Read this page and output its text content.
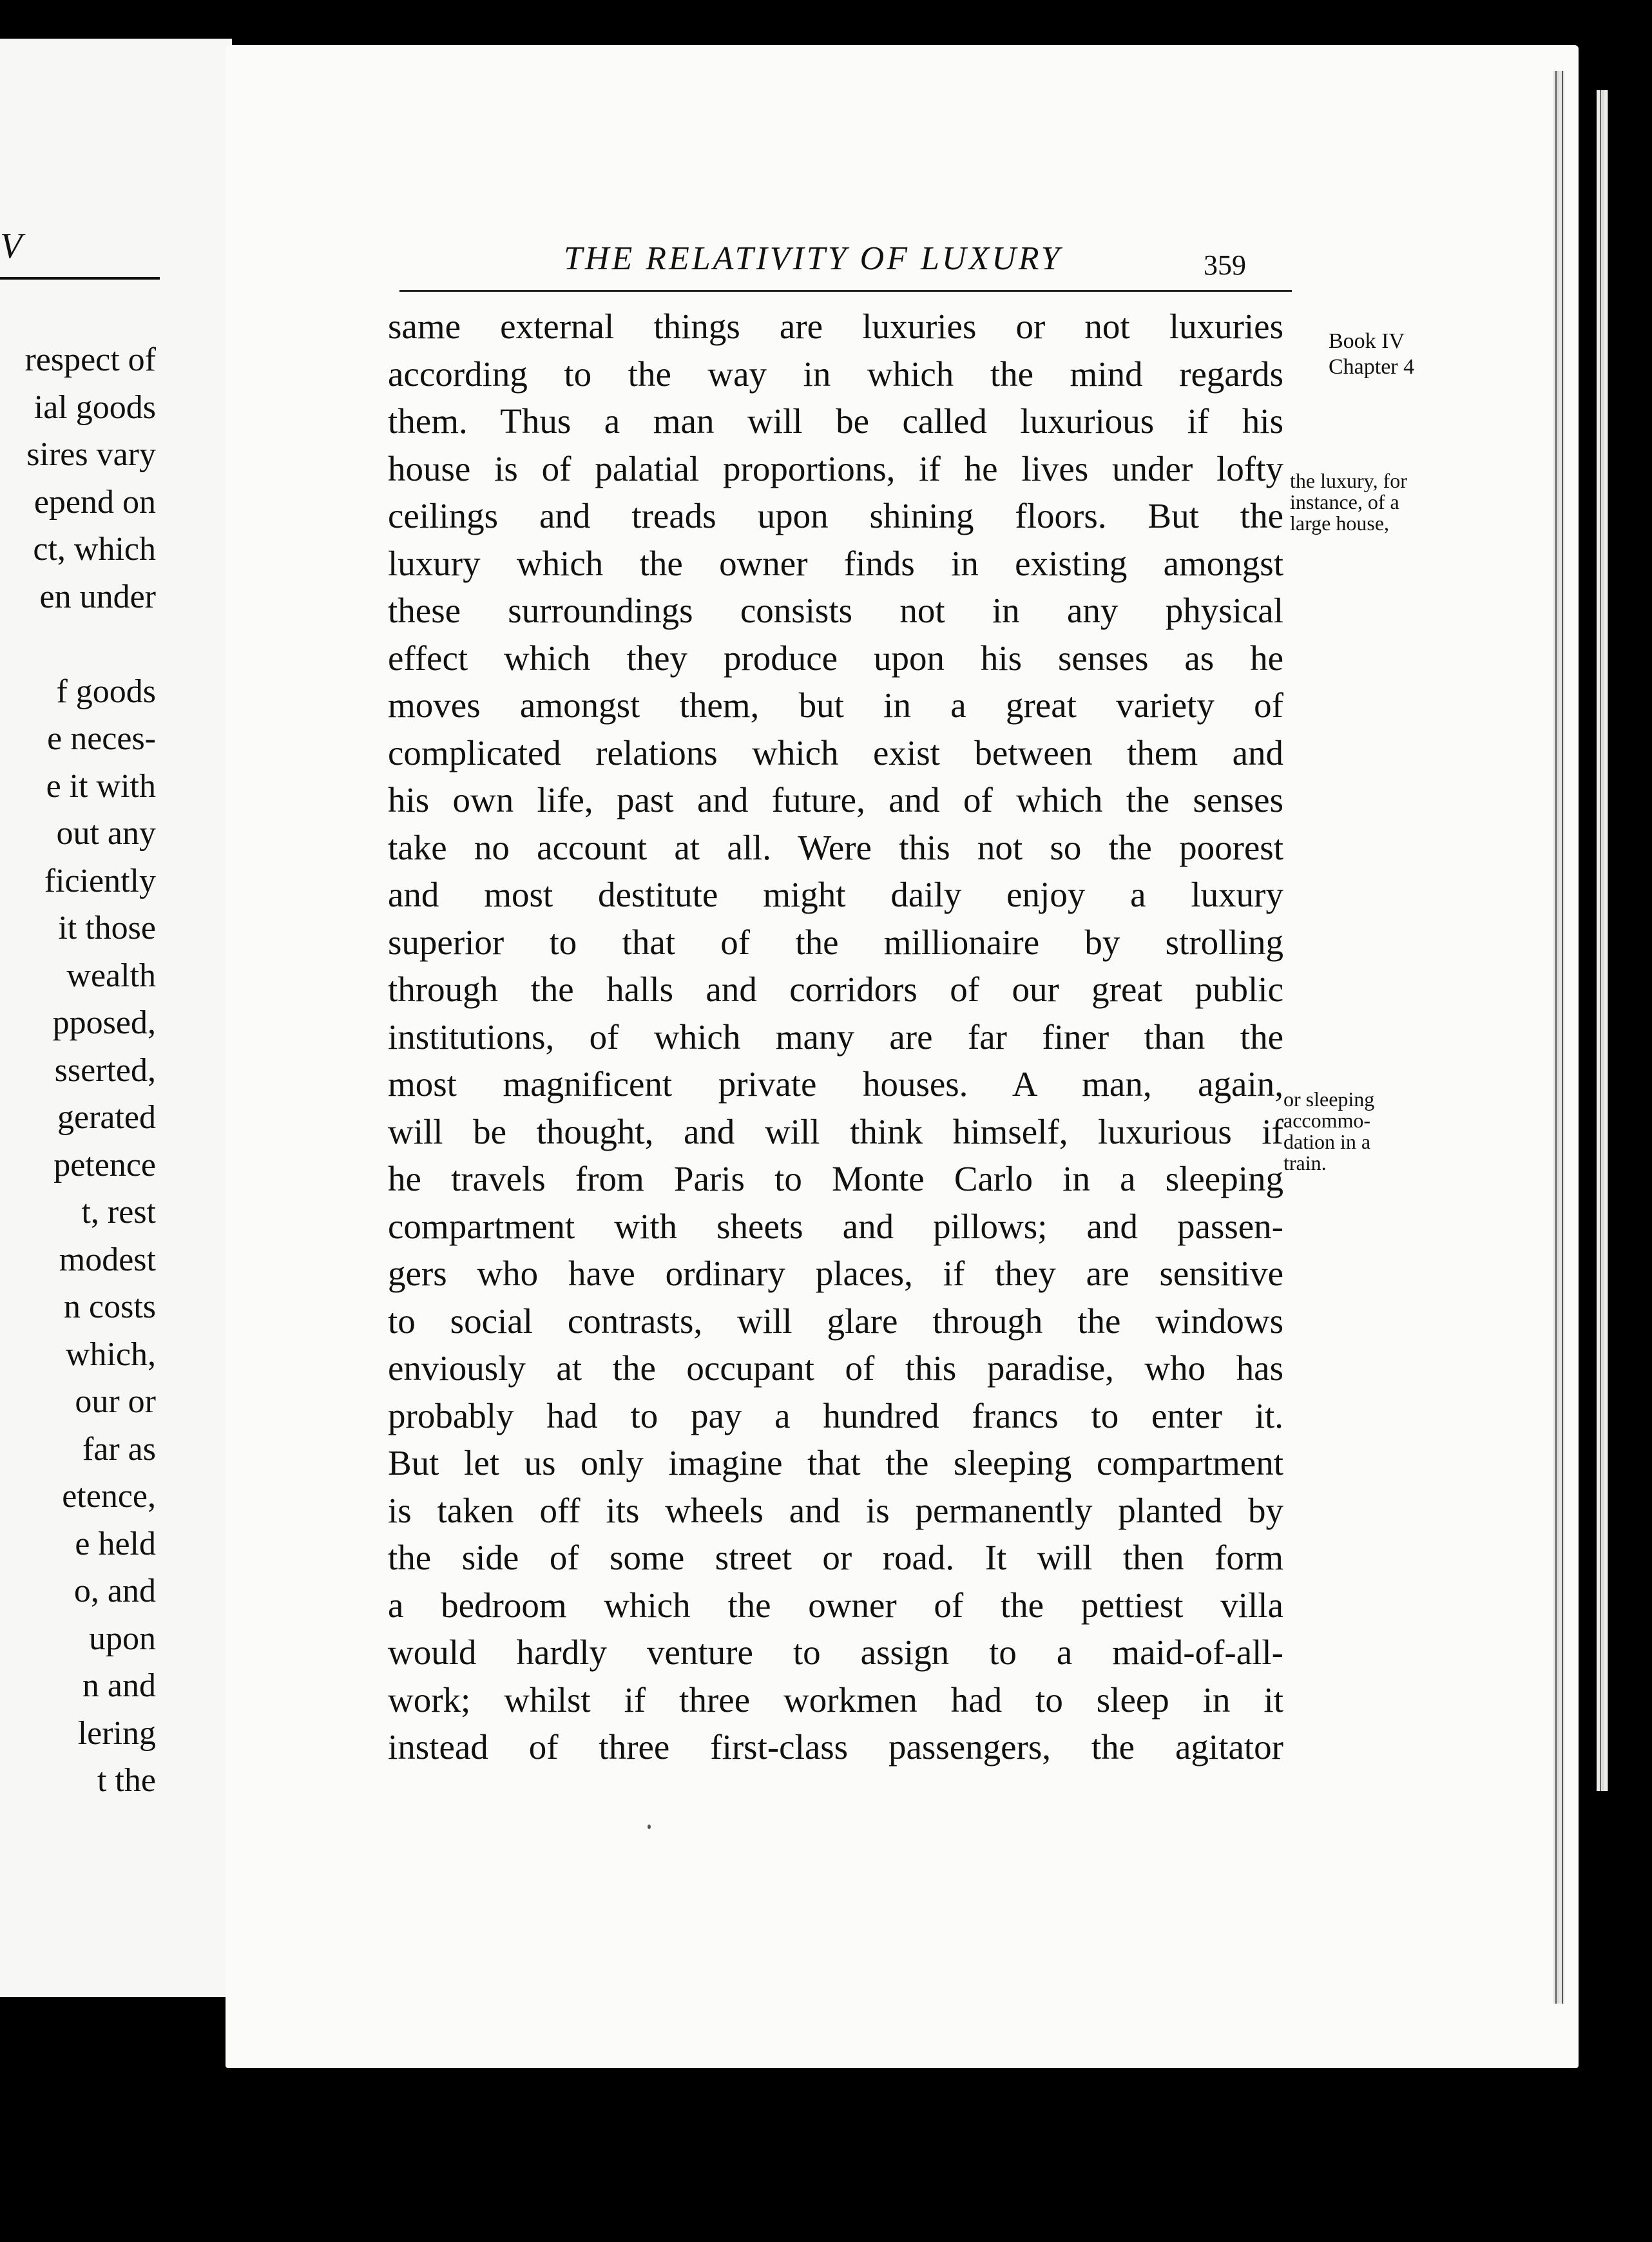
V
respect of
ial goods
sires vary
epend on
ct, which
en under
f goods
e neces-
e it with
out any
ficiently
it those
wealth
pposed,
sserted,
gerated
petence
t, rest
modest
n costs
which,
our or
far as
etence,
e held
o, and
upon
n and
lering
t the
THE RELATIVITY OF LUXURY	359
same external things are luxuries or not luxuries
according to the way in which the mind regards
them. Thus a man will be called luxurious if his
house is of palatial proportions, if he lives under lofty
ceilings and treads upon shining floors. But the
luxury which the owner finds in existing amongst
these surroundings consists not in any physical
effect which they produce upon his senses as he
moves amongst them, but in a great variety of
complicated relations which exist between them and
his own life, past and future, and of which the senses
take no account at all. Were this not so the poorest
and most destitute might daily enjoy a luxury
superior to that of the millionaire by strolling
through the halls and corridors of our great public
institutions, of which many are far finer than the
most magnificent private houses. A man, again,
will be thought, and will think himself, luxurious if
he travels from Paris to Monte Carlo in a sleeping
compartment with sheets and pillows; and passen-
gers who have ordinary places, if they are sensitive
to social contrasts, will glare through the windows
enviously at the occupant of this paradise, who has
probably had to pay a hundred francs to enter it.
But let us only imagine that the sleeping compartment
is taken off its wheels and is permanently planted by
the side of some street or road. It will then form
a bedroom which the owner of the pettiest villa
would hardly venture to assign to a maid-of-all-
work; whilst if three workmen had to sleep in it
instead of three first-class passengers, the agitator
Book IV
Chapter 4
the luxury, for
instance, of a
large house,
or sleeping
accommo-
dation in a
train.
